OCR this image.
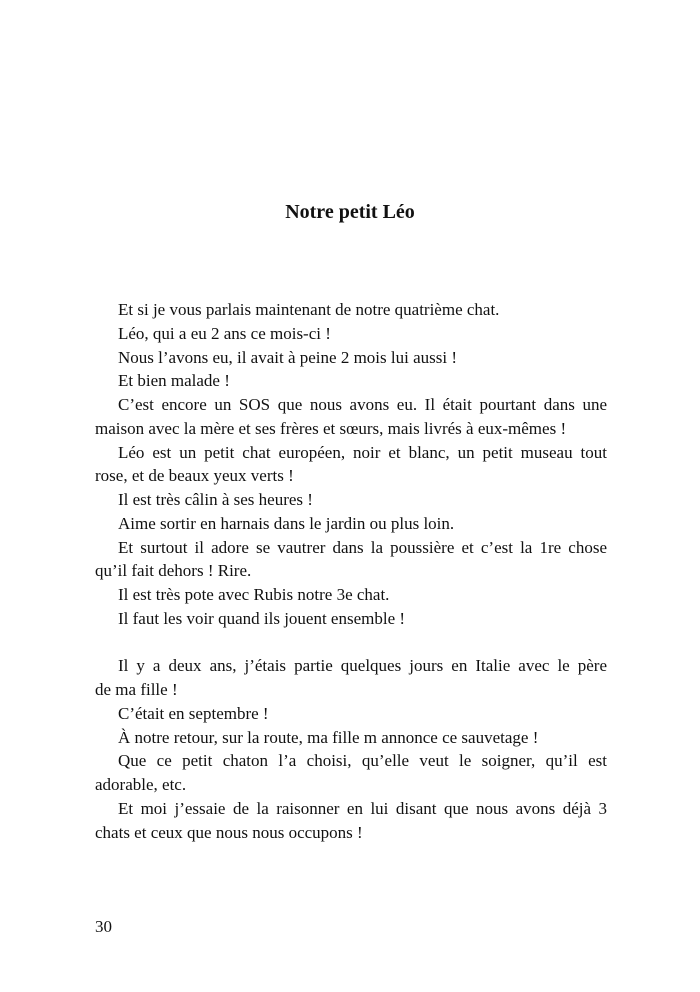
Notre petit Léo

Et si je vous parlais maintenant de notre quatrième chat.

Léo, qui a eu 2 ans ce mois-ci !

Nous l’avons eu, il avait à peine 2 mois lui aussi !

Et bien malade !

C’est encore un SOS que nous avons eu. Il était pourtant dans une

maison avec la mère et ses frères et sœurs, mais livrés à eux-mêmes !

Léo est un petit chat européen, noir et blanc, un petit museau tout

rose, et de beaux yeux verts !

Il est très câlin à ses heures !

Aime sortir en harnais dans le jardin ou plus loin.

Et surtout il adore se vautrer dans la poussière et c’est la 1re chose

qu’il fait dehors ! Rire.

Il est très pote avec Rubis notre 3e chat.

Il faut les voir quand ils jouent ensemble !

Il y a deux ans, j’étais partie quelques jours en Italie avec le père

de ma fille !

C’était en septembre !

À notre retour, sur la route, ma fille m annonce ce sauvetage !

Que ce petit chaton l’a choisi, qu’elle veut le soigner, qu’il est

adorable, etc.

Et moi j’essaie de la raisonner en lui disant que nous avons déjà 3

chats et ceux que nous nous occupons !

30
